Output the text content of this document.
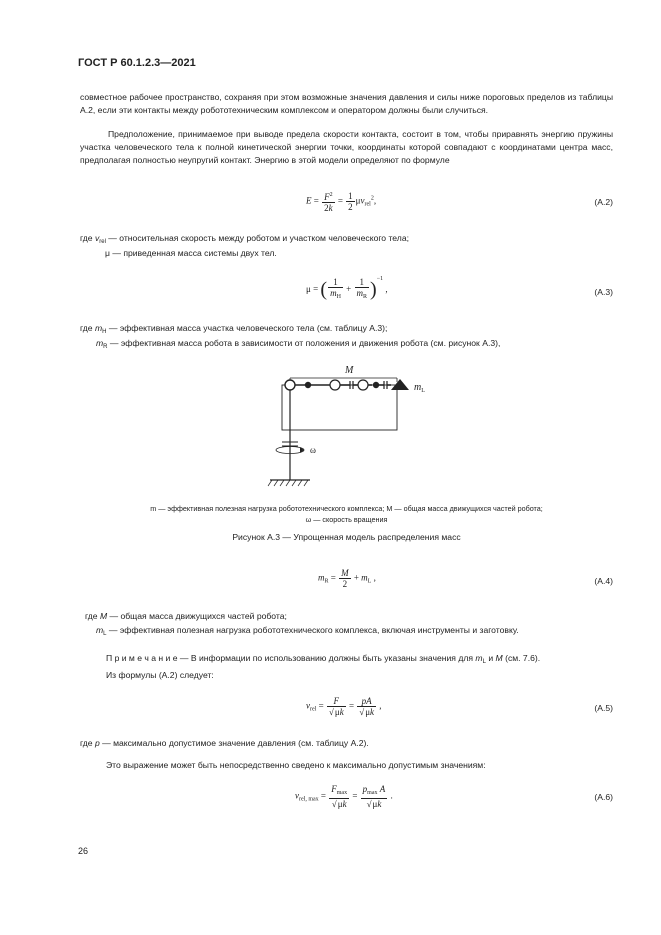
ГОСТ Р 60.1.2.3—2021
совместное рабочее пространство, сохраняя при этом возможные значения давления и силы ниже пороговых пределов из таблицы А.2, если эти контакты между робототехническим комплексом и оператором должны были случиться.
Предположение, принимаемое при выводе предела скорости контакта, состоит в том, чтобы приравнять энергию пружины участка человеческого тела к полной кинетической энергии точки, координаты которой совпадают с координатами центра масс, предполагая полностью неупругий контакт. Энергию в этой модели определяют по формуле
$E = \frac{F^2}{2k} = \frac{1}{2} \mu v_{rel}^2$,	(А.2)
где $v_{rel}$ — относительная скорость между роботом и участком человеческого тела;
μ — приведенная масса системы двух тел.
μ = ( $\frac{1}{m_H} + \frac{1}{m_R} )^{-1}$ ,	(А.3)
где $m_H$ — эффективная масса участка человеческого тела (см. таблицу А.3);
$m_R$ — эффективная масса робота в зависимости от положения и движения робота (см. рисунок А.3),
M
$m_L$
ω
m — эффективная полезная нагрузка робототехнического комплекса; M — общая масса движущихся частей робота;
ω — скорость вращения
Рисунок А.3 — Упрощенная модель распределения масс
$m_R = \frac{M}{2} + m_L$ ,	(А.4)
где M — общая масса движущихся частей робота;
$m_L$ — эффективная полезная нагрузка робототехнического комплекса, включая инструменты и заготовку.
П р и м е ч а н и е — В информации по использованию должны быть указаны значения для $m_L$ и M (см. 7.6).
Из формулы (А.2) следует:
$v_{rel} = \frac{F}{√\mu k} = \frac{pA}{√\mu k}$ ,	(А.5)
где p — максимально допустимое значение давления (см. таблицу А.2).
Это выражение может быть непосредственно сведено к максимально допустимым значениям:
$v_{rel, max} = \frac{F_{max}}{√\mu k} = \frac{p_{max} A}{√\mu k}$ .	(А.6)
26
